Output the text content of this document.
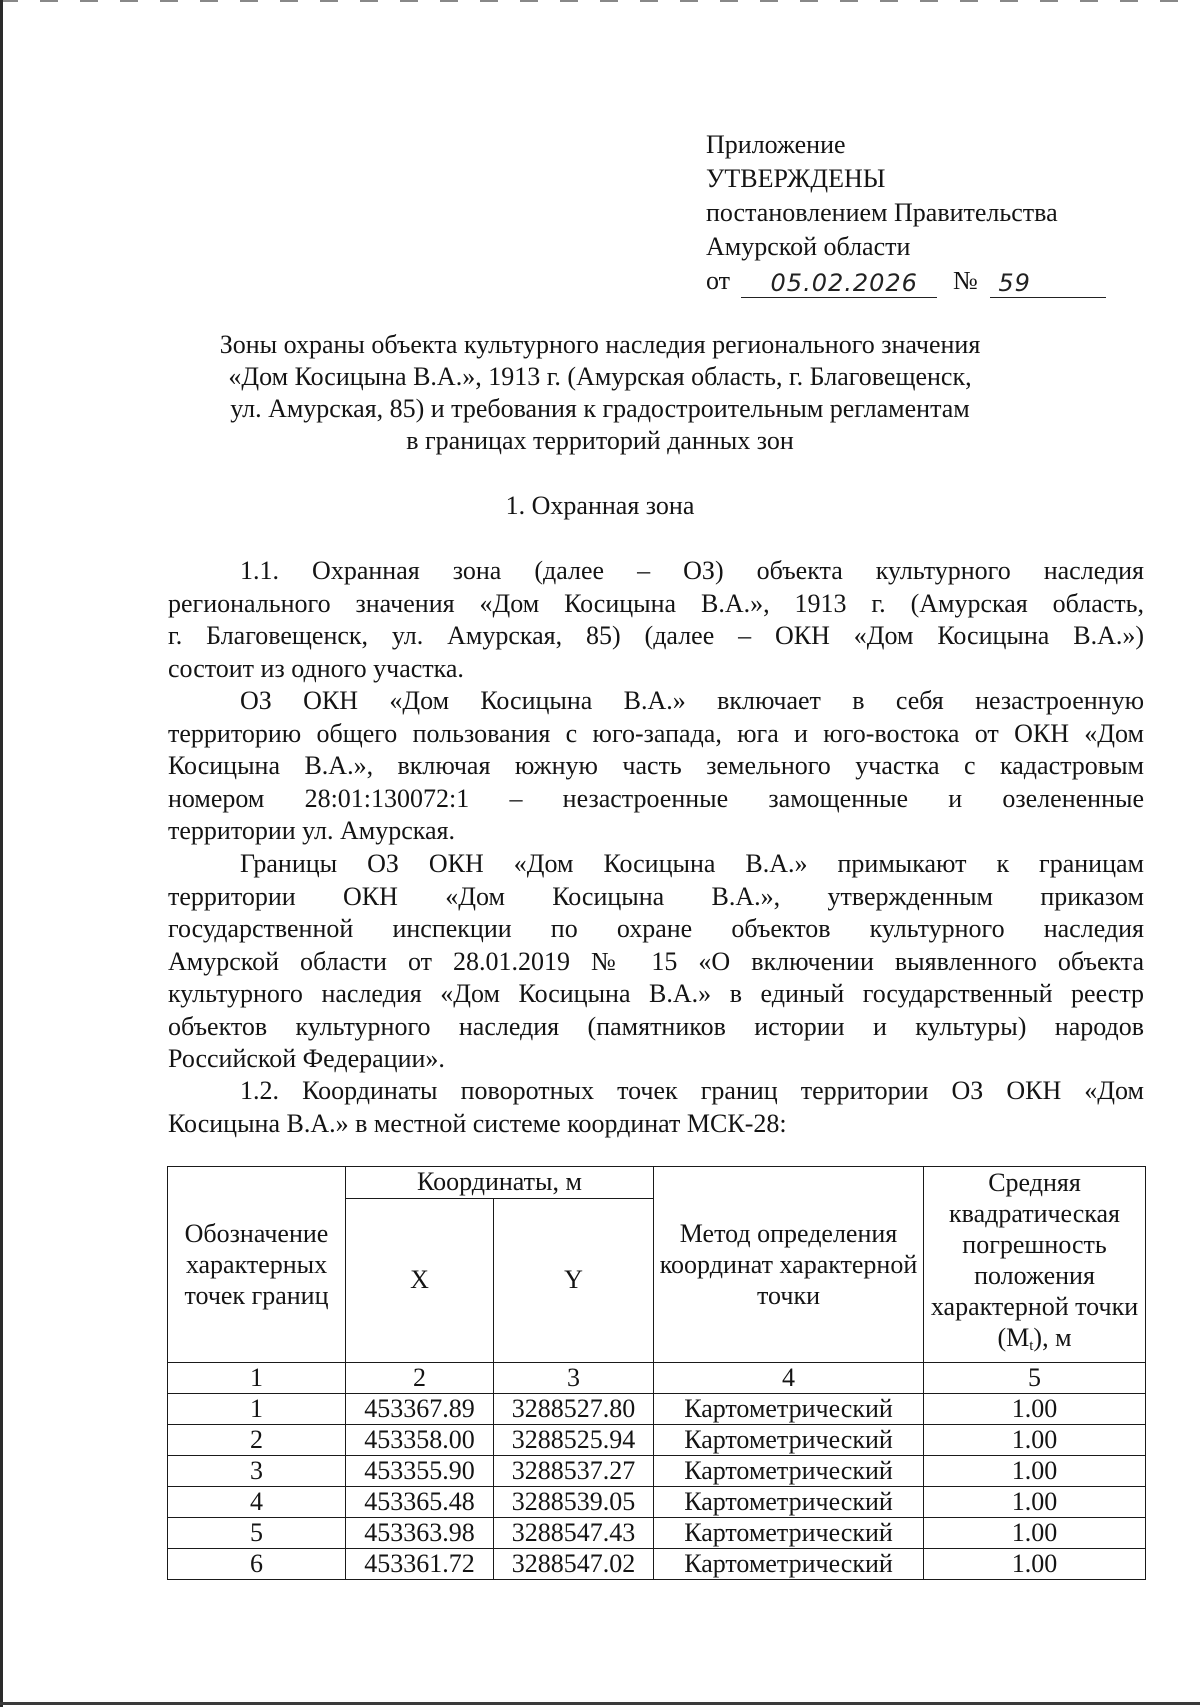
Приложение
УТВЕРЖДЕНЫ
постановлением Правительства
Амурской области
от 05.02.2026 № 59
Зоны охраны объекта культурного наследия регионального значения
«Дом Косицына В.А.», 1913 г. (Амурская область, г. Благовещенск,
ул. Амурская, 85) и требования к градостроительным регламентам
в границах территорий данных зон
1. Охранная зона
1.1. Охранная зона (далее – ОЗ) объекта культурного наследия
регионального значения «Дом Косицына В.А.», 1913 г. (Амурская область,
г. Благовещенск, ул. Амурская, 85) (далее – ОКН «Дом Косицына В.А.»)
состоит из одного участка.
ОЗ ОКН «Дом Косицына В.А.» включает в себя незастроенную
территорию общего пользования с юго-запада, юга и юго-востока от ОКН «Дом
Косицына В.А.», включая южную часть земельного участка с кадастровым
номером 28:01:130072:1 – незастроенные замощенные и озелененные
территории ул. Амурская.
Границы ОЗ ОКН «Дом Косицына В.А.» примыкают к границам
территории ОКН «Дом Косицына В.А.», утвержденным приказом
государственной инспекции по охране объектов культурного наследия
Амурской области от 28.01.2019 № 15 «О включении выявленного объекта
культурного наследия «Дом Косицына В.А.» в единый государственный реестр
объектов культурного наследия (памятников истории и культуры) народов
Российской Федерации».
1.2. Координаты поворотных точек границ территории ОЗ ОКН «Дом
Косицына В.А.» в местной системе координат МСК-28:
Обозначение характерных точек границ	Координаты, м		Метод определения координат характерной точки	Средняя квадратическая погрешность положения характерной точки $(M_t)$, м
	X	Y		
1	2	3	4	5
1	453367.89	3288527.80	Картометрический	1.00
2	453358.00	3288525.94	Картометрический	1.00
3	453355.90	3288537.27	Картометрический	1.00
4	453365.48	3288539.05	Картометрический	1.00
5	453363.98	3288547.43	Картометрический	1.00
6	453361.72	3288547.02	Картометрический	1.00
